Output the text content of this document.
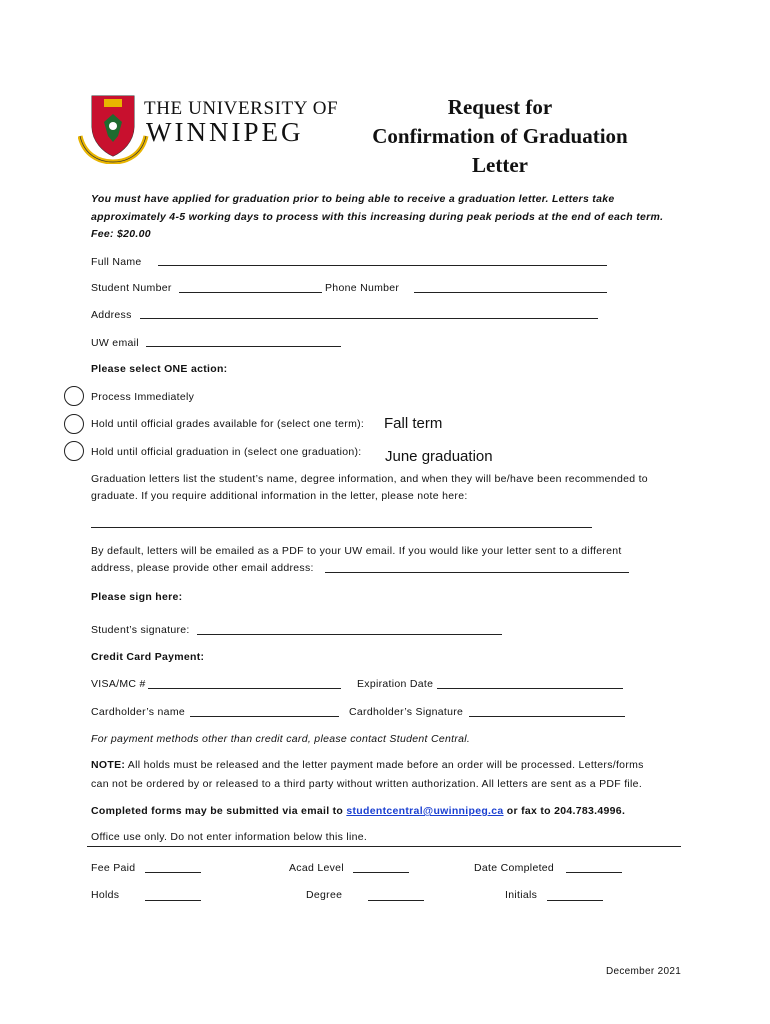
THE UNIVERSITY OF
WINNIPEG
Request for
Confirmation of Graduation
Letter
You must have applied for graduation prior to being able to receive a graduation letter. Letters take
approximately 4-5 working days to process with this increasing during peak periods at the end of each term.
Fee: $20.00
Full Name
Student Number	Phone Number
Address
UW email
Please select ONE action:
Process Immediately
Hold until official grades available for (select one term): Fall term
Hold until official graduation in (select one graduation): June graduation
Graduation letters list the student’s name, degree information, and when they will be/have been recommended to
graduate. If you require additional information in the letter, please note here:
By default, letters will be emailed as a PDF to your UW email. If you would like your letter sent to a different
address, please provide other email address:
Please sign here:
Student’s signature:
Credit Card Payment:
VISA/MC #	Expiration Date
Cardholder’s name	Cardholder’s Signature
For payment methods other than credit card, please contact Student Central.
NOTE: All holds must be released and the letter payment made before an order will be processed. Letters/forms
can not be ordered by or released to a third party without written authorization. All letters are sent as a PDF file.
Completed forms may be submitted via email to studentcentral@uwinnipeg.ca or fax to 204.783.4996.
Office use only. Do not enter information below this line.
Fee Paid	Acad Level	Date Completed
Holds	Degree	Initials
December 2021
